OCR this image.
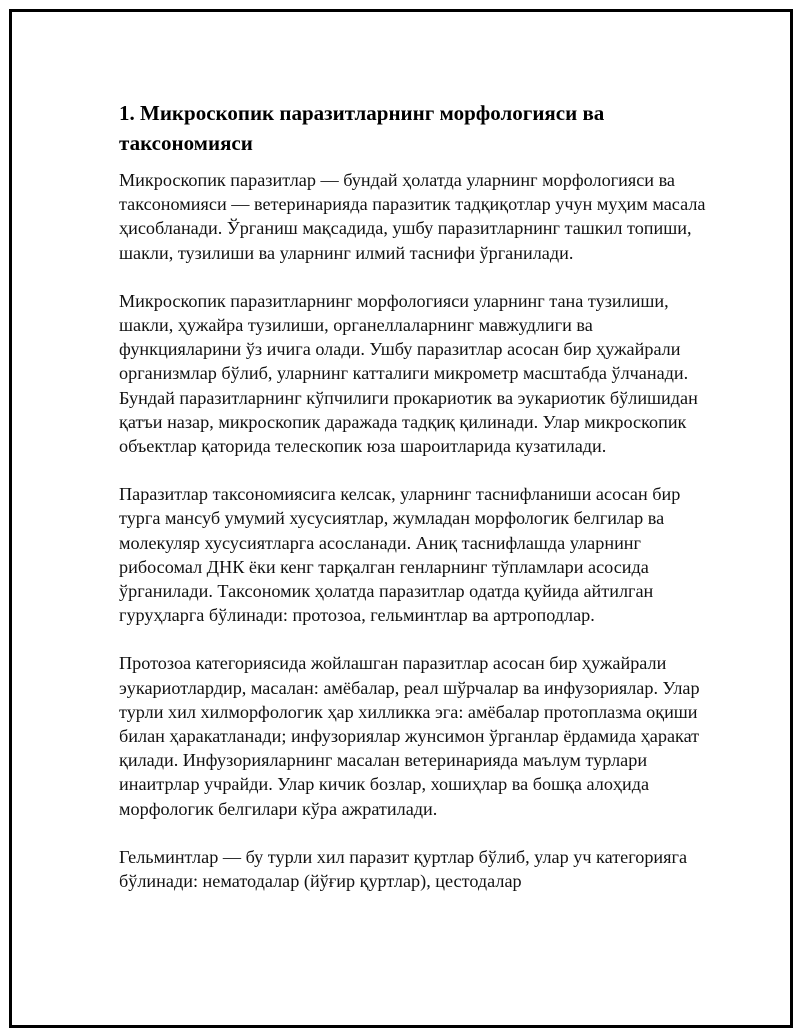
1. Микроскопик паразитларнинг морфологияси ва таксономияси

Микроскопик паразитлар — бундай ҳолатда уларнинг морфологияси ва таксономияси — ветеринарияда паразитик тадқиқотлар учун муҳим масала ҳисобланади. Ўрганиш мақсадида, ушбу паразитларнинг ташкил топиши, шакли, тузилиши ва уларнинг илмий таснифи ўрганилади.

Микроскопик паразитларнинг морфологияси уларнинг тана тузилиши, шакли, ҳужайра тузилиши, органеллаларнинг мавжудлиги ва функцияларини ўз ичига олади. Ушбу паразитлар асосан бир ҳужайрали организмлар бўлиб, уларнинг катталиги микрометр масштабда ўлчанади. Бундай паразитларнинг кўпчилиги прокариотик ва эукариотик бўлишидан қатъи назар, микроскопик даражада тадқиқ қилинади. Улар микроскопик объектлар қаторида телескопик юза шароитларида кузатилади.

Паразитлар таксономиясига келсак, уларнинг таснифланиши асосан бир турга мансуб умумий хусусиятлар, жумладан морфологик белгилар ва молекуляр хусусиятларга асосланади. Аниқ таснифлашда уларнинг рибосомал ДНК ёки кенг тарқалган генларнинг тўпламлари асосида ўрганилади. Таксономик ҳолатда паразитлар одатда қуйида айтилган гуруҳларга бўлинади: протозоа, гельминтлар ва артроподлар.

Протозоа категориясида жойлашган паразитлар асосан бир ҳужайрали эукариотлардир, масалан: амёбалар, реал шўрчалар ва инфузориялар. Улар турли хил хилморфологик ҳар хилликка эга: амёбалар протоплазма оқиши билан ҳаракатланади; инфузориялар жунсимон ўрганлар ёрдамида ҳаракат қилади. Инфузорияларнинг масалан ветеринарияда маълум турлари инаитрлар учрайди. Улар кичик бозлар, хошиҳлар ва бошқа алоҳида морфологик белгилари кўра ажратилади.

Гельминтлар — бу турли хил паразит қуртлар бўлиб, улар уч категорияга бўлинади: нематодалар (йўғир қуртлар), цестодалар
